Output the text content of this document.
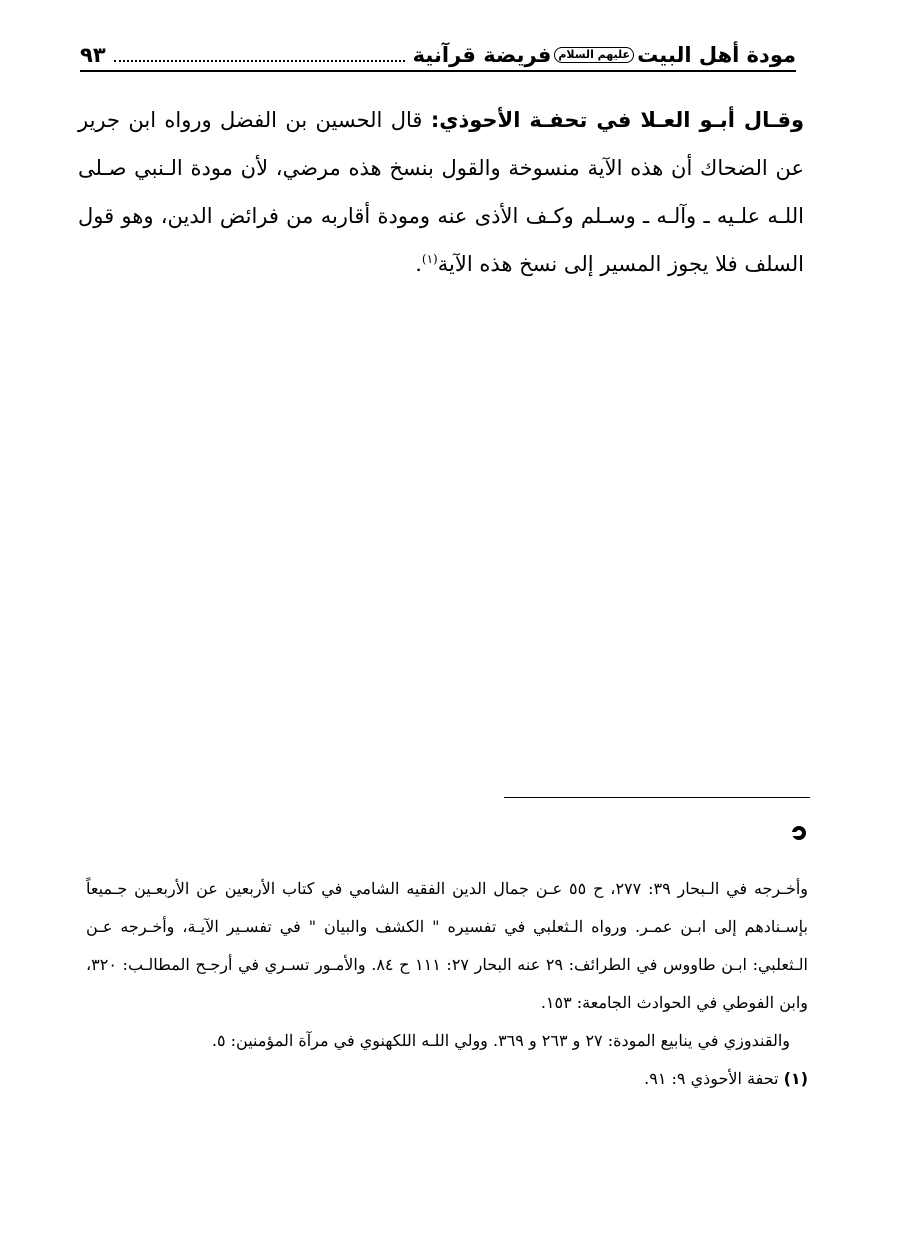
مودة أهل البيت
عليهم السلام
فريضة قرآنية
٩٣
وقـال أبـو العـلا في تحفـة الأحوذي: قال الحسين بن الفضل ورواه ابن جرير عن الضحاك أن هذه الآية منسوخة والقول بنسخ هذه مرضي، لأن مودة الـنبي صـلى اللـه علـيه ـ وآلـه ـ وسـلم وكـف الأذى عنه ومودة أقاربه من فرائض الدين، وهو قول السلف فلا يجوز المسير إلى نسخ هذه الآية$^{(١)}$.

وأخـرجه في الـبحار ٣٩: ٢٧٧، ح ٥٥ عـن جمال الدين الفقيه الشامي في كتاب الأربعين عن الأربعـين جـميعاً بإسـنادهم إلى ابـن عمـر. ورواه الـثعلبي في تفسيره " الكشف والبيان " في تفسـير الآيـة، وأخـرجه عـن الـثعلبي: ابـن طاووس في الطرائف: ٢٩ عنه البحار ٢٧: ١١١ ح ٨٤. والأمـور تسـري في أرجـح المطالـب: ٣٢٠، وابن الفوطي في الحوادث الجامعة: ١٥٣.

والقندوزي في ينابيع المودة: ٢٧ و ٢٦٣ و ٣٦٩. وولي اللـه اللكهنوي في مرآة المؤمنين: ٥.

(١) تحفة الأحوذي ٩: ٩١.
